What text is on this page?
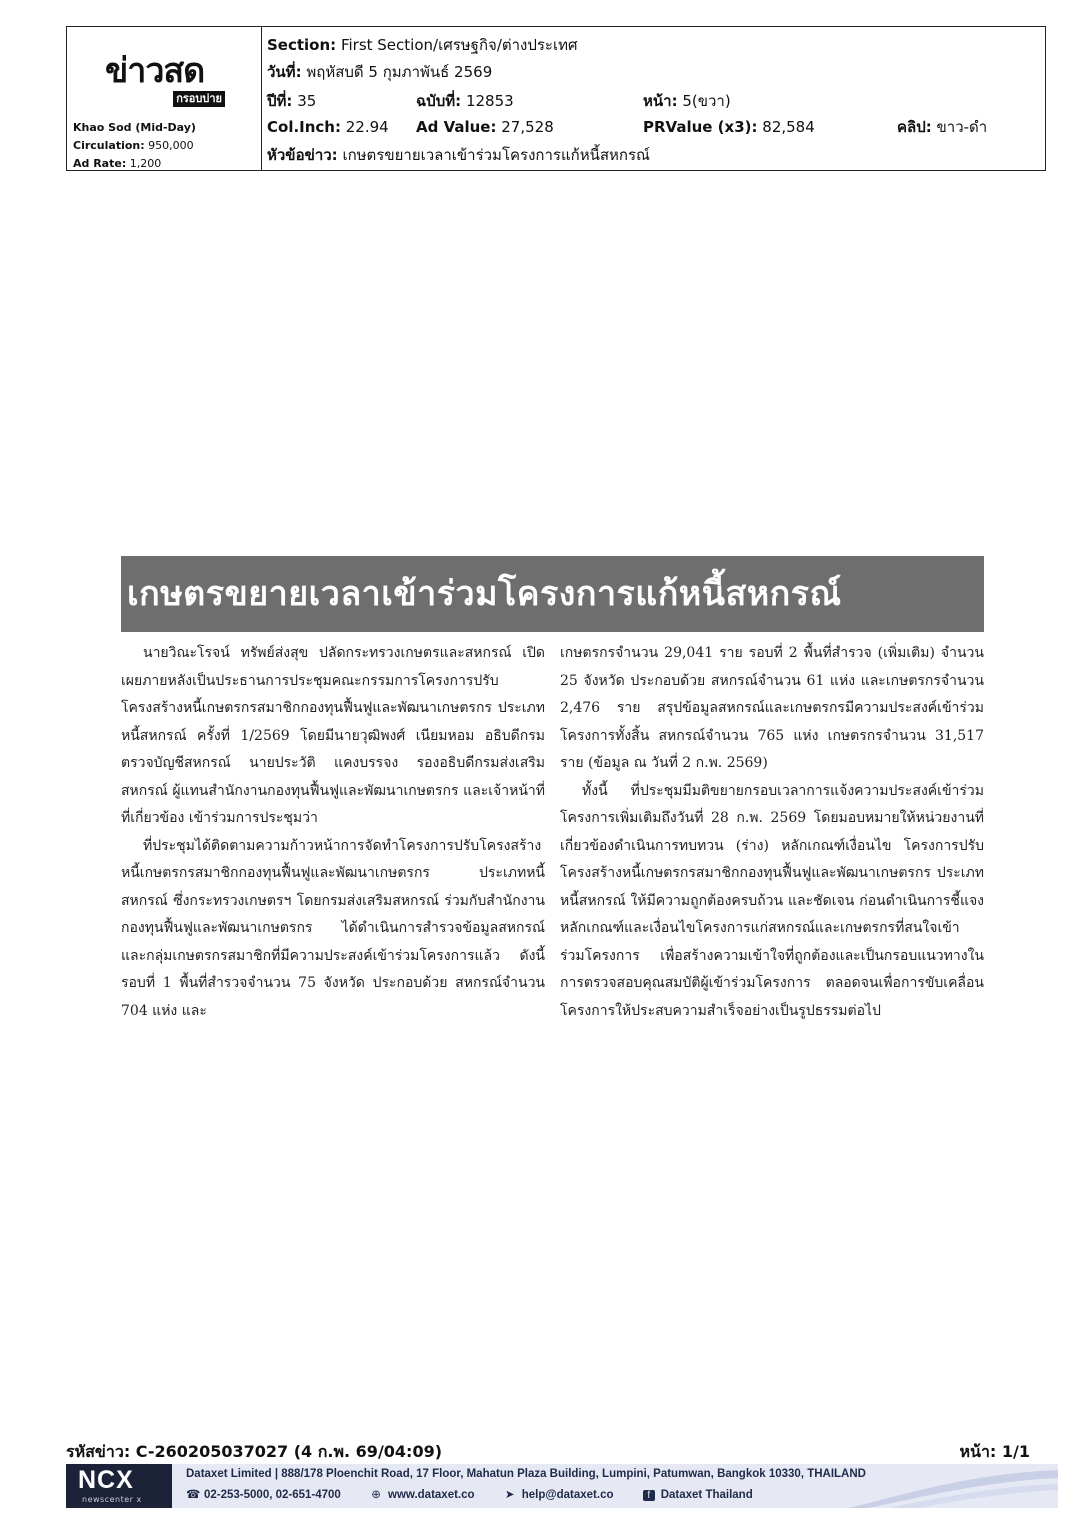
ข่าวสด
กรอบบ่าย
Khao Sod (Mid-Day)
Circulation: 950,000
Ad Rate: 1,200
Section: First Section/เศรษฐกิจ/ต่างประเทศ
วันที่: พฤหัสบดี 5 กุมภาพันธ์ 2569
ปีที่: 35	ฉบับที่: 12853	หน้า: 5(ขวา)
Col.Inch: 22.94 Ad Value: 27,528	PRValue (x3): 82,584	คลิป: ขาว-ดำ
หัวข้อข่าว: เกษตรขยายเวลาเข้าร่วมโครงการแก้หนี้สหกรณ์
เกษตรขยายเวลาเข้าร่วมโครงการแก้หนี้สหกรณ์

นายวิณะโรจน์ ทรัพย์ส่งสุข ปลัดกระทรวงเกษตรและสหกรณ์ เปิดเผยภายหลังเป็นประธานการประชุมคณะกรรมการโครงการปรับโครงสร้างหนี้เกษตรกรสมาชิกกองทุนฟื้นฟูและพัฒนาเกษตรกร ประเภทหนี้สหกรณ์ ครั้งที่ 1/2569 โดยมีนายวุฒิพงศ์ เนียมหอม อธิบดีกรมตรวจบัญชีสหกรณ์ นายประวัติ แคงบรรจง รองอธิบดีกรมส่งเสริมสหกรณ์ ผู้แทนสำนักงานกองทุนฟื้นฟูและพัฒนาเกษตรกร และเจ้าหน้าที่ที่เกี่ยวข้อง เข้าร่วมการประชุมว่า

ที่ประชุมได้ติดตามความก้าวหน้าการจัดทำโครงการปรับโครงสร้างหนี้เกษตรกรสมาชิกกองทุนฟื้นฟูและพัฒนาเกษตรกร ประเภทหนี้สหกรณ์ ซึ่งกระทรวงเกษตรฯ โดยกรมส่งเสริมสหกรณ์ ร่วมกับสำนักงานกองทุนฟื้นฟูและพัฒนาเกษตรกร ได้ดำเนินการสำรวจข้อมูลสหกรณ์และกลุ่มเกษตรกรสมาชิกที่มีความประสงค์เข้าร่วมโครงการแล้ว ดังนี้ รอบที่ 1 พื้นที่สำรวจจำนวน 75 จังหวัด ประกอบด้วย สหกรณ์จำนวน 704 แห่ง และ

เกษตรกรจำนวน 29,041 ราย รอบที่ 2 พื้นที่สำรวจ (เพิ่มเติม) จำนวน 25 จังหวัด ประกอบด้วย สหกรณ์จำนวน 61 แห่ง และเกษตรกรจำนวน 2,476 ราย สรุปข้อมูลสหกรณ์และเกษตรกรมีความประสงค์เข้าร่วมโครงการทั้งสิ้น สหกรณ์จำนวน 765 แห่ง เกษตรกรจำนวน 31,517 ราย (ข้อมูล ณ วันที่ 2 ก.พ. 2569)

ทั้งนี้ ที่ประชุมมีมติขยายกรอบเวลาการแจ้งความประสงค์เข้าร่วมโครงการเพิ่มเติมถึงวันที่ 28 ก.พ. 2569 โดยมอบหมายให้หน่วยงานที่เกี่ยวข้องดำเนินการทบทวน (ร่าง) หลักเกณฑ์เงื่อนไข โครงการปรับโครงสร้างหนี้เกษตรกรสมาชิกกองทุนฟื้นฟูและพัฒนาเกษตรกร ประเภทหนี้สหกรณ์ ให้มีความถูกต้องครบถ้วน และชัดเจน ก่อนดำเนินการชี้แจงหลักเกณฑ์และเงื่อนไขโครงการแก่สหกรณ์และเกษตรกรที่สนใจเข้าร่วมโครงการ เพื่อสร้างความเข้าใจที่ถูกต้องและเป็นกรอบแนวทางในการตรวจสอบคุณสมบัติผู้เข้าร่วมโครงการ ตลอดจนเพื่อการขับเคลื่อนโครงการให้ประสบความสำเร็จอย่างเป็นรูปธรรมต่อไป

รหัสข่าว: C-260205037027 (4 ก.พ. 69/04:09)	หน้า: 1/1
NCX
newscenter x
Dataxet Limited | 888/178 Ploenchit Road, 17 Floor, Mahatun Plaza Building, Lumpini, Patumwan, Bangkok 10330, THAILAND
☎ 02-253-5000, 02-651-4700	⊕ www.dataxet.co	➤ help@dataxet.co	f Dataxet Thailand
